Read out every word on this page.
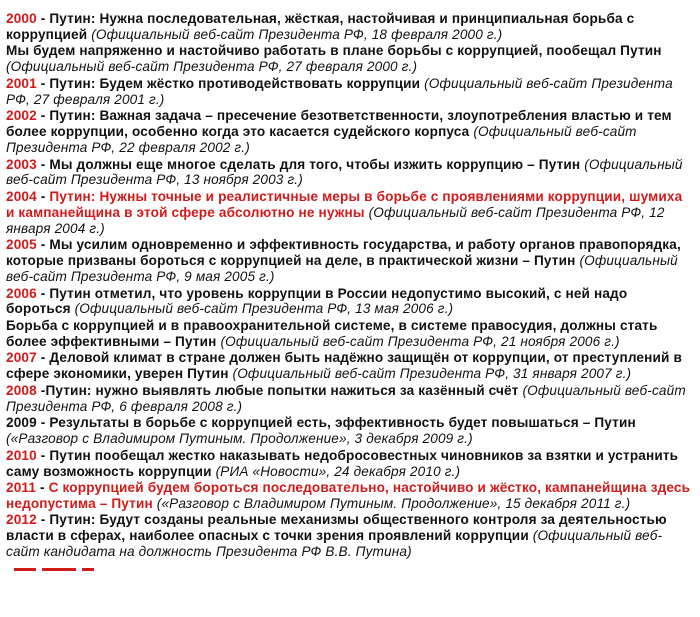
2000 - Путин: Нужна последовательная, жёсткая, настойчивая и принципиальная борьба с коррупцией (Официальный веб-сайт Президента РФ, 18 февраля 2000 г.)
Мы будем напряженно и настойчиво работать в плане борьбы с коррупцией, пообещал Путин (Официальный веб-сайт Президента РФ, 27 февраля 2000 г.)
2001 - Путин: Будем жёстко противодействовать коррупции (Официальный веб-сайт Президента РФ, 27 февраля 2001 г.)
2002 - Путин: Важная задача – пресечение безответственности, злоупотребления властью и тем более коррупции, особенно когда это касается судейского корпуса (Официальный веб-сайт Президента РФ, 22 февраля 2002 г.)
2003 - Мы должны еще многое сделать для того, чтобы изжить коррупцию – Путин (Официальный веб-сайт Президента РФ, 13 ноября 2003 г.)
2004 - Путин: Нужны точные и реалистичные меры в борьбе с проявлениями коррупции, шумиха и кампанейщина в этой сфере абсолютно не нужны (Официальный веб-сайт Президента РФ, 12 января 2004 г.)
2005 - Мы усилим одновременно и эффективность государства, и работу органов правопорядка, которые призваны бороться с коррупцией на деле, в практической жизни – Путин (Официальный веб-сайт Президента РФ, 9 мая 2005 г.)
2006 - Путин отметил, что уровень коррупции в России недопустимо высокий, с ней надо бороться (Официальный веб-сайт Президента РФ, 13 мая 2006 г.)
Борьба с коррупцией и в правоохранительной системе, в системе правосудия, должны стать более эффективными – Путин (Официальный веб-сайт Президента РФ, 21 ноября 2006 г.)
2007 - Деловой климат в стране должен быть надёжно защищён от коррупции, от преступлений в сфере экономики, уверен Путин (Официальный веб-сайт Президента РФ, 31 января 2007 г.)
2008 -Путин: нужно выявлять любые попытки нажиться за казённый счёт (Официальный веб-сайт Президента РФ, 6 февраля 2008 г.)
2009 - Результаты в борьбе с коррупцией есть, эффективность будет повышаться – Путин («Разговор с Владимиром Путиным. Продолжение», 3 декабря 2009 г.)
2010 - Путин пообещал жестко наказывать недобросовестных чиновников за взятки и устранить саму возможность коррупции (РИА «Новости», 24 декабря 2010 г.)
2011 - С коррупцией будем бороться последовательно, настойчиво и жёстко, кампанейщина здесь недопустима – Путин («Разговор с Владимиром Путиным. Продолжение», 15 декабря 2011 г.)
2012 - Путин: Будут созданы реальные механизмы общественного контроля за деятельностью власти в сферах, наиболее опасных с точки зрения проявлений коррупции (Официальный веб-сайт кандидата на должность Президента РФ В.В. Путина)
